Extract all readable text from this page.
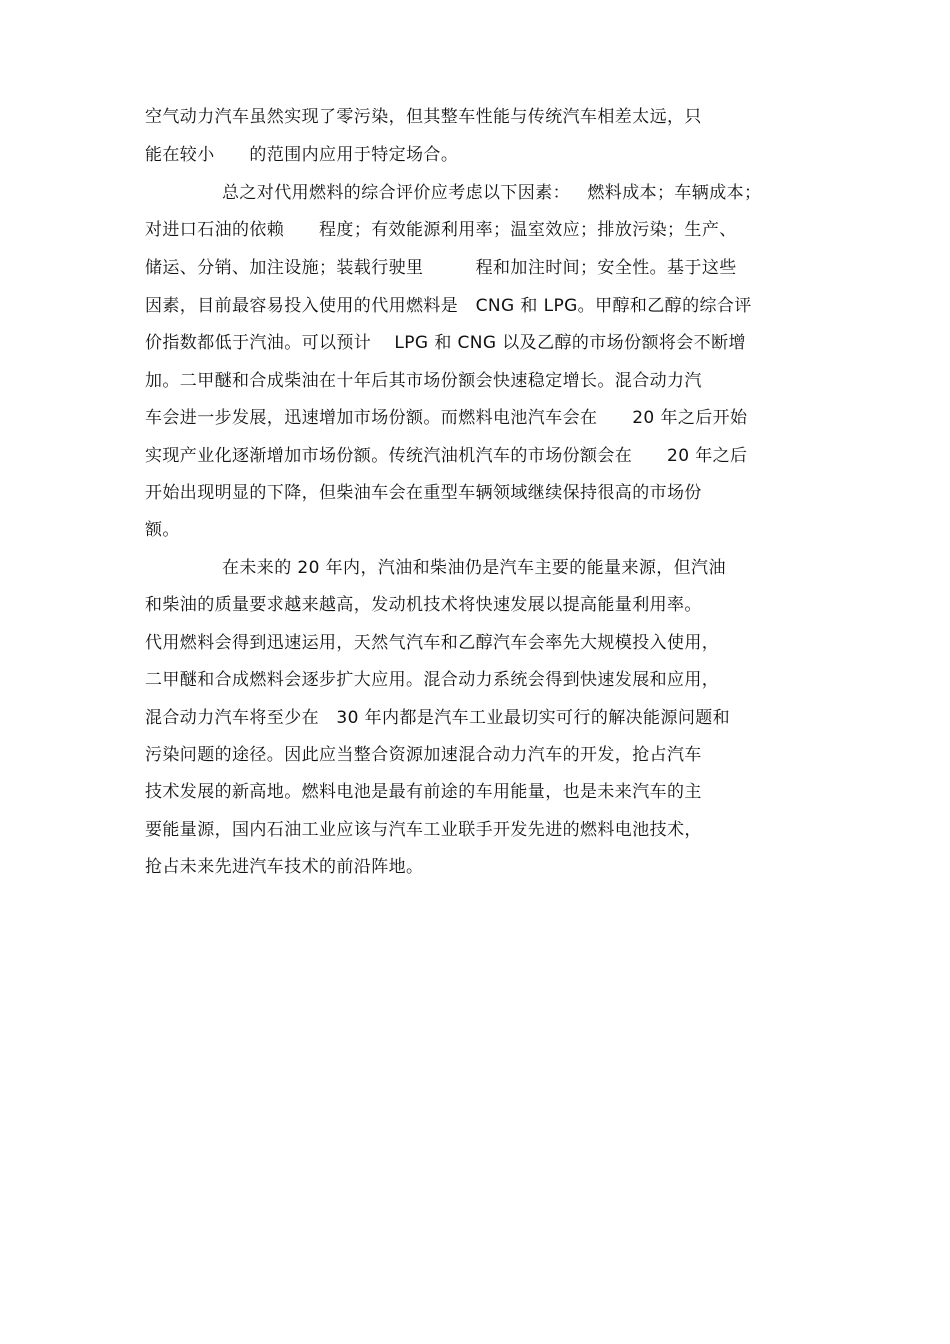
空气动力汽车虽然实现了零污染，但其整车性能与传统汽车相差太远，只
能在较小      的范围内应用于特定场合。
总之对代用燃料的综合评价应考虑以下因素：   燃料成本；车辆成本；
对进口石油的依赖      程度；有效能源利用率；温室效应；排放污染；生产、
储运、分销、加注设施；装载行驶里         程和加注时间；安全性。基于这些
因素，目前最容易投入使用的代用燃料是   CNG 和 LPG。甲醇和乙醇的综合评
价指数都低于汽油。可以预计    LPG 和 CNG 以及乙醇的市场份额将会不断增
加。二甲醚和合成柴油在十年后其市场份额会快速稳定增长。混合动力汽
车会进一步发展，迅速增加市场份额。而燃料电池汽车会在      20 年之后开始
实现产业化逐渐增加市场份额。传统汽油机汽车的市场份额会在      20 年之后
开始出现明显的下降，但柴油车会在重型车辆领域继续保持很高的市场份
额。
在未来的 20 年内，汽油和柴油仍是汽车主要的能量来源，但汽油
和柴油的质量要求越来越高，发动机技术将快速发展以提高能量利用率。
代用燃料会得到迅速运用，天然气汽车和乙醇汽车会率先大规模投入使用，
二甲醚和合成燃料会逐步扩大应用。混合动力系统会得到快速发展和应用，
混合动力汽车将至少在   30 年内都是汽车工业最切实可行的解决能源问题和
污染问题的途径。因此应当整合资源加速混合动力汽车的开发，抢占汽车
技术发展的新高地。燃料电池是最有前途的车用能量，也是未来汽车的主
要能量源，国内石油工业应该与汽车工业联手开发先进的燃料电池技术，
抢占未来先进汽车技术的前沿阵地。
